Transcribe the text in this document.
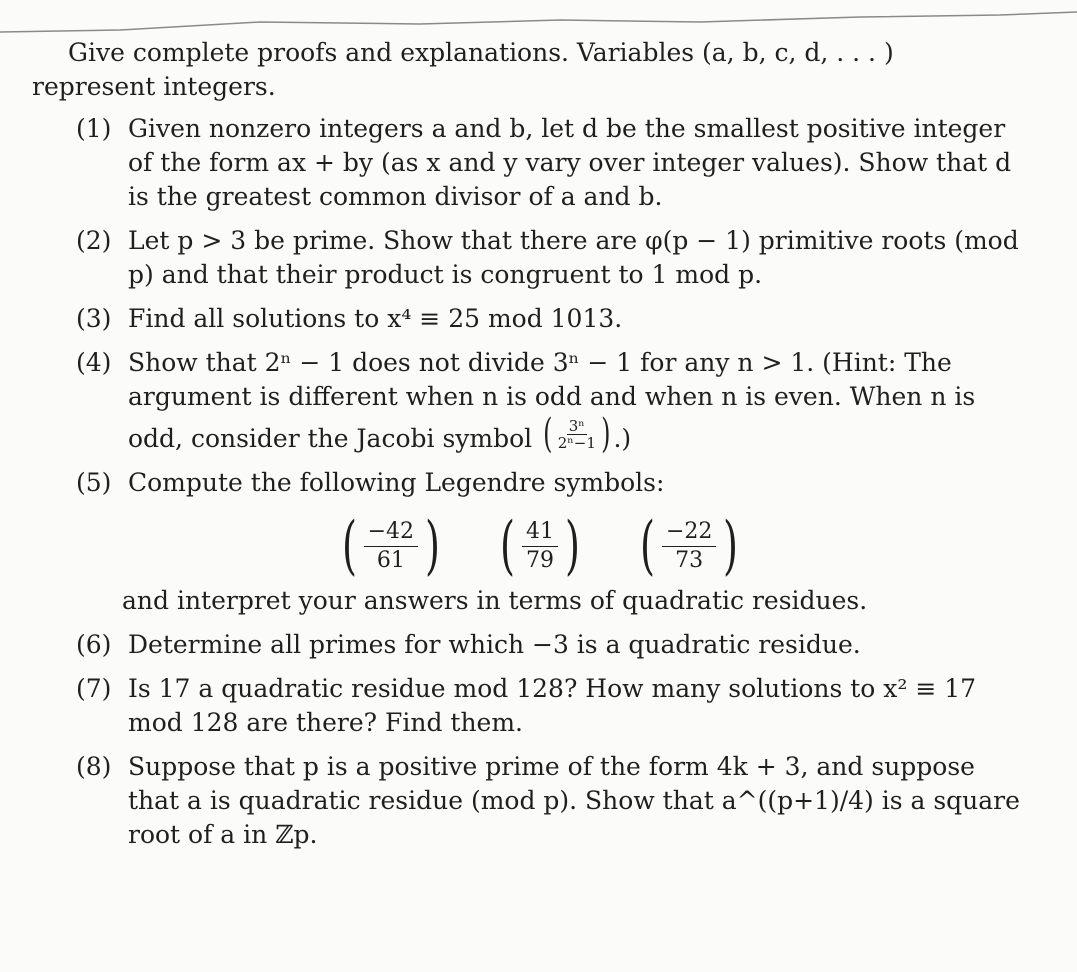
Give complete proofs and explanations. Variables (a, b, c, d, . . . ) represent integers.

(1) Given nonzero integers a and b, let d be the smallest positive integer of the form ax + by (as x and y vary over integer values). Show that d is the greatest common divisor of a and b.
(2) Let p > 3 be prime. Show that there are φ(p − 1) primitive roots (mod p) and that their product is congruent to 1 mod p.
(3) Find all solutions to x⁴ ≡ 25 mod 1013.
(4) Show that 2ⁿ − 1 does not divide 3ⁿ − 1 for any n > 1. (Hint: The argument is different when n is odd and when n is even. When n is odd, consider the Jacobi symbol ( $\frac{\text{3ⁿ}}{\text{2ⁿ−1}}$ ) .)
(5) Compute the following Legendre symbols:
( −42
61 ) ( 41
79 ) ( −22
73 )
and interpret your answers in terms of quadratic residues.
(6) Determine all primes for which −3 is a quadratic residue.
(7) Is 17 a quadratic residue mod 128? How many solutions to x² ≡ 17 mod 128 are there? Find them.
(8) Suppose that p is a positive prime of the form 4k + 3, and suppose that a is quadratic residue (mod p). Show that a^((p+1)/4) is a square root of a in ℤp.
